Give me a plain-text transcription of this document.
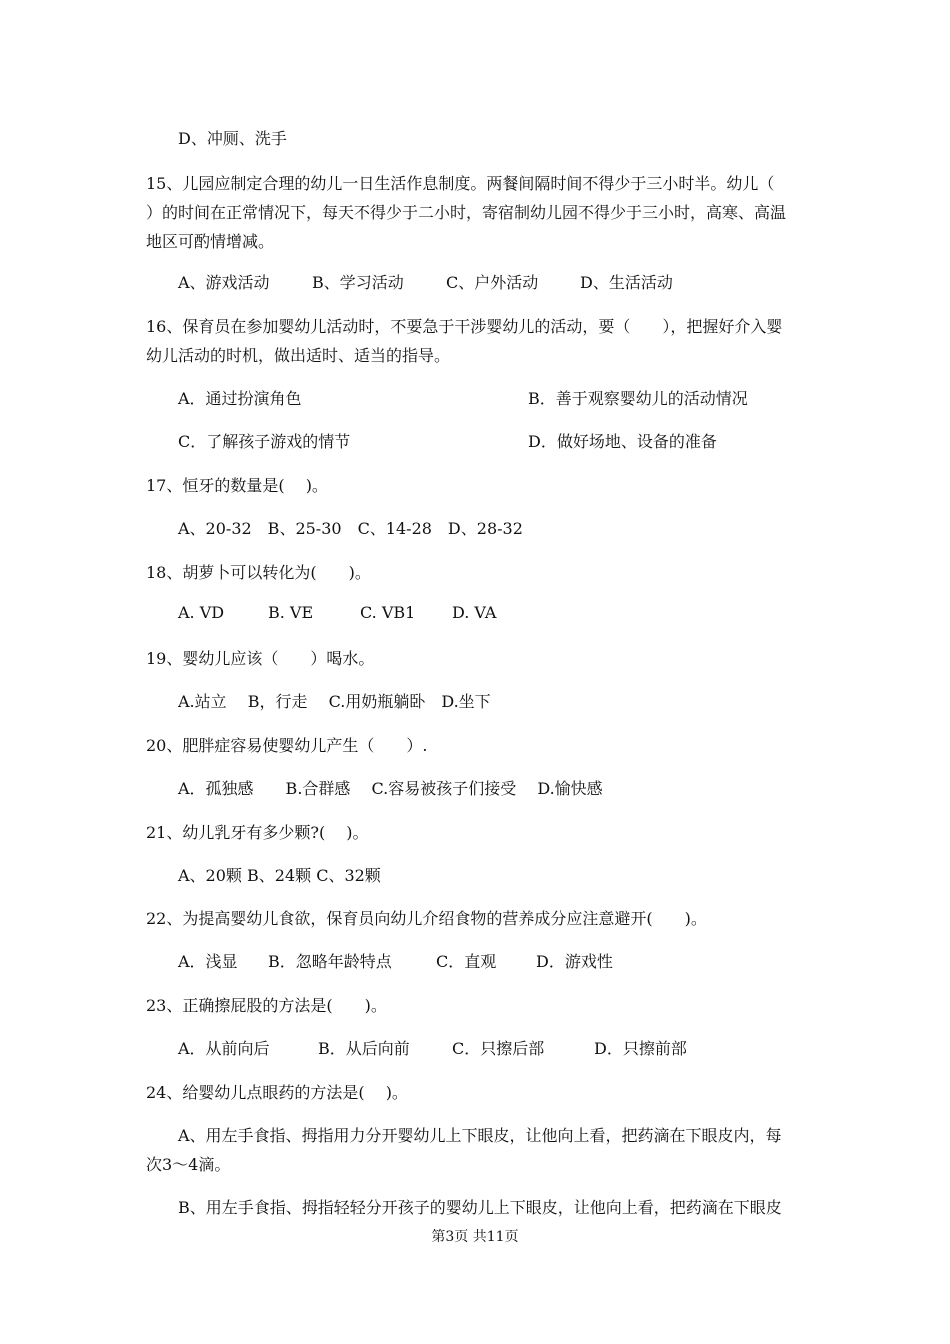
D、冲厕、洗手
15、儿园应制定合理的幼儿一日生活作息制度。两餐间隔时间不得少于三小时半。幼儿（
）的时间在正常情况下，每天不得少于二小时，寄宿制幼儿园不得少于三小时，高寒、高温
地区可酌情增减。
A、游戏活动	B、学习活动	C、户外活动	D、生活活动
16、保育员在参加婴幼儿活动时，不要急于干涉婴幼儿的活动，要（　　），把握好介入婴
幼儿活动的时机，做出适时、适当的指导。
A．通过扮演角色	B．善于观察婴幼儿的活动情况
C．了解孩子游戏的情节	D．做好场地、设备的准备
17、恒牙的数量是(　 )。
A、20-32　B、25-30　C、14-28　D、28-32
18、胡萝卜可以转化为(　　)。
A. VD	B. VE	C. VB1 D. VA
19、婴幼儿应该（　　）喝水。
A.站立　 B，行走　 C.用奶瓶躺卧　D.坐下
20、肥胖症容易使婴幼儿产生（　　）.
A．孤独感　　B.合群感　 C.容易被孩子们接受　 D.愉快感
21、幼儿乳牙有多少颗?(　 )。
A、20颗 B、24颗 C、32颗
22、为提高婴幼儿食欲，保育员向幼儿介绍食物的营养成分应注意避开(　　)。
A．浅显 B．忽略年龄特点	C．直观 D．游戏性
23、正确擦屁股的方法是(　　)。
A．从前向后	B．从后向前	C．只擦后部	D．只擦前部
24、给婴幼儿点眼药的方法是(　 )。
A、用左手食指、拇指用力分开婴幼儿上下眼皮，让他向上看，把药滴在下眼皮内，每
次3～4滴。
B、用左手食指、拇指轻轻分开孩子的婴幼儿上下眼皮，让他向上看，把药滴在下眼皮
第3页 共11页
